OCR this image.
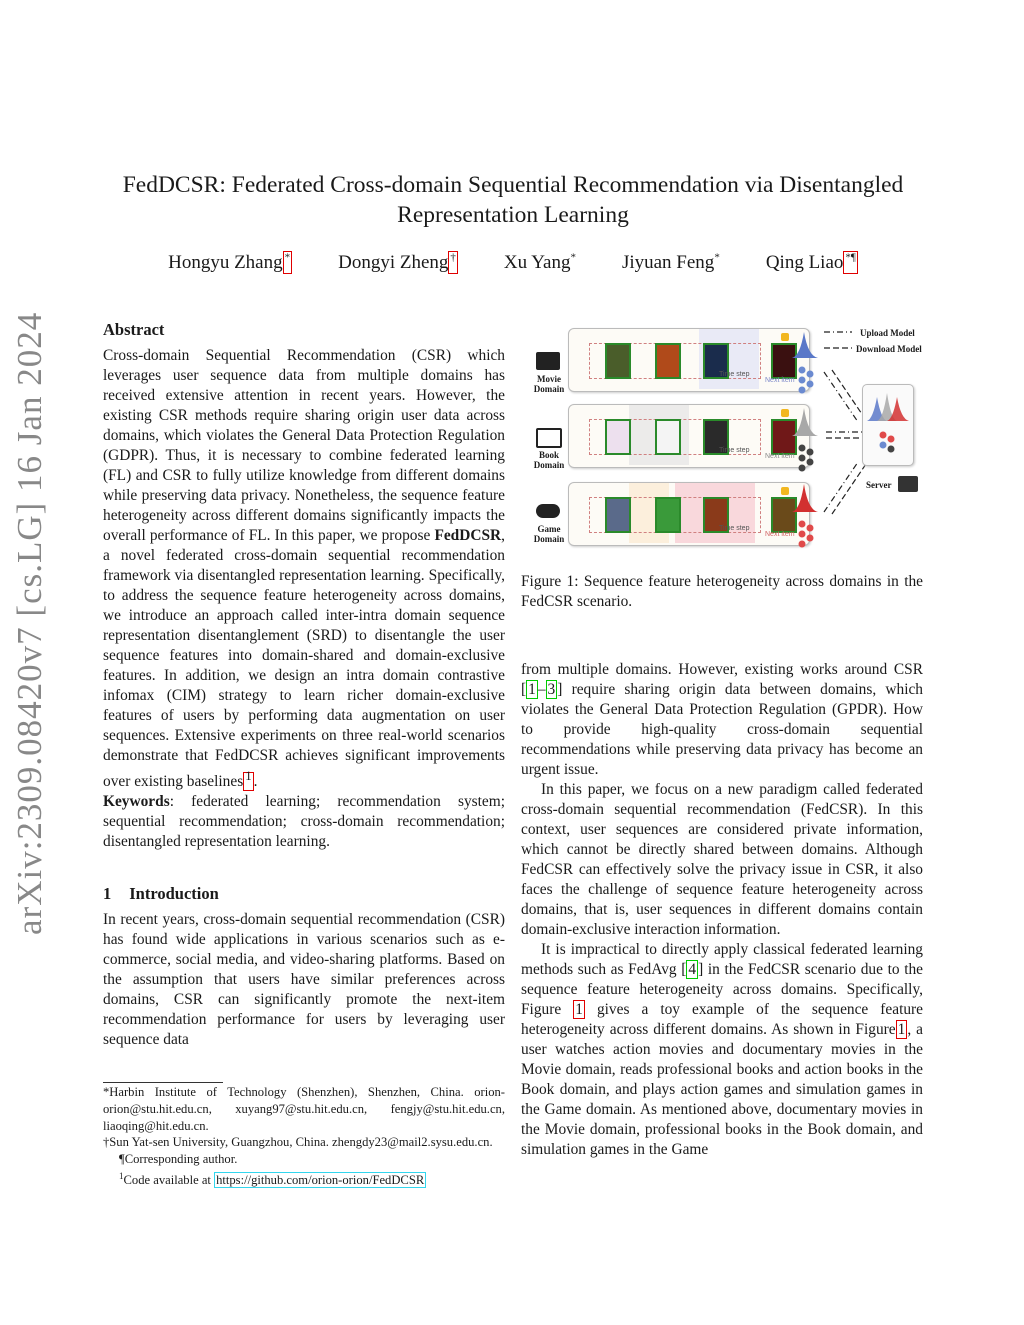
arXiv:2309.08420v7 [cs.LG] 16 Jan 2024
FedDCSR: Federated Cross-domain Sequential Recommendation via Disentangled Representation Learning
Hongyu Zhang *	Dongyi Zheng †	Xu Yang* Jiyuan Feng* Qing Liao *¶
Abstract

Cross-domain Sequential Recommendation (CSR) which leverages user sequence data from multiple domains has received extensive attention in recent years. However, the existing CSR methods require sharing origin user data across domains, which violates the General Data Protection Regulation (GDPR). Thus, it is necessary to combine federated learning (FL) and CSR to fully utilize knowledge from different domains while preserving data privacy. Nonetheless, the sequence feature heterogeneity across different domains significantly impacts the overall performance of FL. In this paper, we propose FedDCSR, a novel federated cross-domain sequential recommendation framework via disentangled representation learning. Specifically, to address the sequence feature heterogeneity across domains, we introduce an approach called inter-intra domain sequence representation disentanglement (SRD) to disentangle the user sequence features into domain-shared and domain-exclusive features. In addition, we design an intra domain contrastive infomax (CIM) strategy to learn richer domain-exclusive features of users by performing data augmentation on user sequences. Extensive experiments on three real-world scenarios demonstrate that FedDCSR achieves significant improvements over existing baselines $^1$ .

Keywords: federated learning; recommendation system; sequential recommendation; cross-domain recommendation; disentangled representation learning.

1 Introduction

In recent years, cross-domain sequential recommendation (CSR) has found wide applications in various scenarios such as e-commerce, social media, and video-sharing platforms. Based on the assumption that users have similar preferences across domains, CSR can significantly promote the next-item recommendation performance for users by leveraging user sequence data

*Harbin Institute of Technology (Shenzhen), Shenzhen, China. orion-orion@stu.hit.edu.cn, xuyang97@stu.hit.edu.cn, fengjy@stu.hit.edu.cn, liaoqing@hit.edu.cn.

†Sun Yat-sen University, Guangzhou, China. zhengdy23@mail2.sysu.edu.cn.

¶Corresponding author.

$^1$Code available at https://github.com/orion-orion/FedDCSR

Upload Model
Download Model
Movie Domain
Time step
Next item
Book Domain
Time step
Next item
Game Domain
Time step
Next item
Server
Figure 1: Sequence feature heterogeneity across domains in the FedCSR scenario.

from multiple domains. However, existing works around CSR [ 1 – 3 ] require sharing origin data between domains, which violates the General Data Protection Regulation (GPDR). How to provide high-quality cross-domain sequential recommendations while preserving data privacy has become an urgent issue.

In this paper, we focus on a new paradigm called federated cross-domain sequential recommendation (FedCSR). In this context, user sequences are considered private information, which cannot be directly shared between domains. Although FedCSR can effectively solve the privacy issue in CSR, it also faces the challenge of sequence feature heterogeneity across domains, that is, user sequences in different domains contain domain-exclusive interaction information.

It is impractical to directly apply classical federated learning methods such as FedAvg [ 4 ] in the FedCSR scenario due to the sequence feature heterogeneity across domains. Specifically, Figure 1 gives a toy example of the sequence feature heterogeneity across different domains. As shown in Figure 1 , a user watches action movies and documentary movies in the Movie domain, reads professional books and action books in the Book domain, and plays action games and simulation games in the Game domain. As mentioned above, documentary movies in the Movie domain, professional books in the Book domain, and simulation games in the Game
